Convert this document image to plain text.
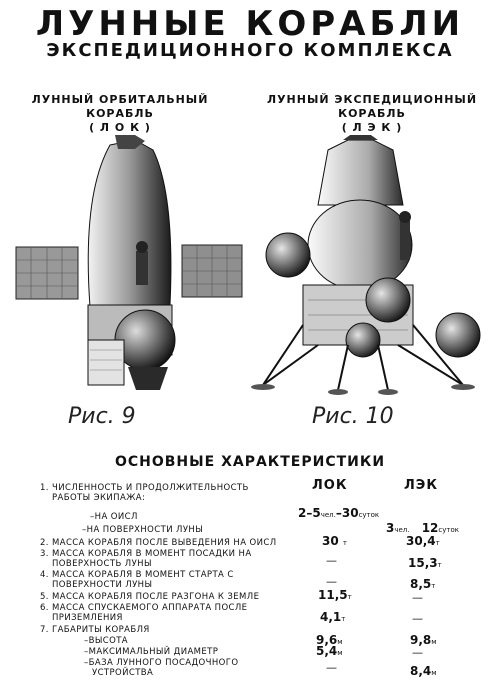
ЛУННЫЕ КОРАБЛИ
ЭКСПЕДИЦИОННОГО КОМПЛЕКСА
ЛУННЫЙ ОРБИТАЛЬНЫЙ
КОРАБЛЬ
( Л О К )
ЛУННЫЙ ЭКСПЕДИЦИОННЫЙ
КОРАБЛЬ
( Л Э К )
Рис. 9	Рис. 10
ОСНОВНЫЕ ХАРАКТЕРИСТИКИ
ЛОК	ЛЭК
1. ЧИСЛЕННОСТЬ И ПРОДОЛЖИТЕЛЬНОСТЬ
РАБОТЫ ЭКИПАЖА:
–НА ОИСЛ
–НА ПОВЕРХНОСТИ ЛУНЫ
2. МАССА КОРАБЛЯ ПОСЛЕ ВЫВЕДЕНИЯ НА ОИСЛ
3. МАССА КОРАБЛЯ В МОМЕНТ ПОСАДКИ НА
ПОВЕРХНОСТЬ ЛУНЫ
4. МАССА КОРАБЛЯ В МОМЕНТ СТАРТА С
ПОВЕРХНОСТИ ЛУНЫ
5. МАССА КОРАБЛЯ ПОСЛЕ РАЗГОНА К ЗЕМЛЕ
6. МАССА СПУСКАЕМОГО АППАРАТА ПОСЛЕ
ПРИЗЕМЛЕНИЯ
7. ГАБАРИТЫ КОРАБЛЯ
–ВЫСОТА
–МАКСИМАЛЬНЫЙ ДИАМЕТР
–БАЗА ЛУННОГО ПОСАДОЧНОГО
УСТРОЙСТВА
2–5чел.–30суток
30 т
—
—
11,5т
4,1т
9,6м
5,4м
—
3чел. 12суток
30,4т
15,3т
8,5т
—
—
9,8м
—
8,4м
